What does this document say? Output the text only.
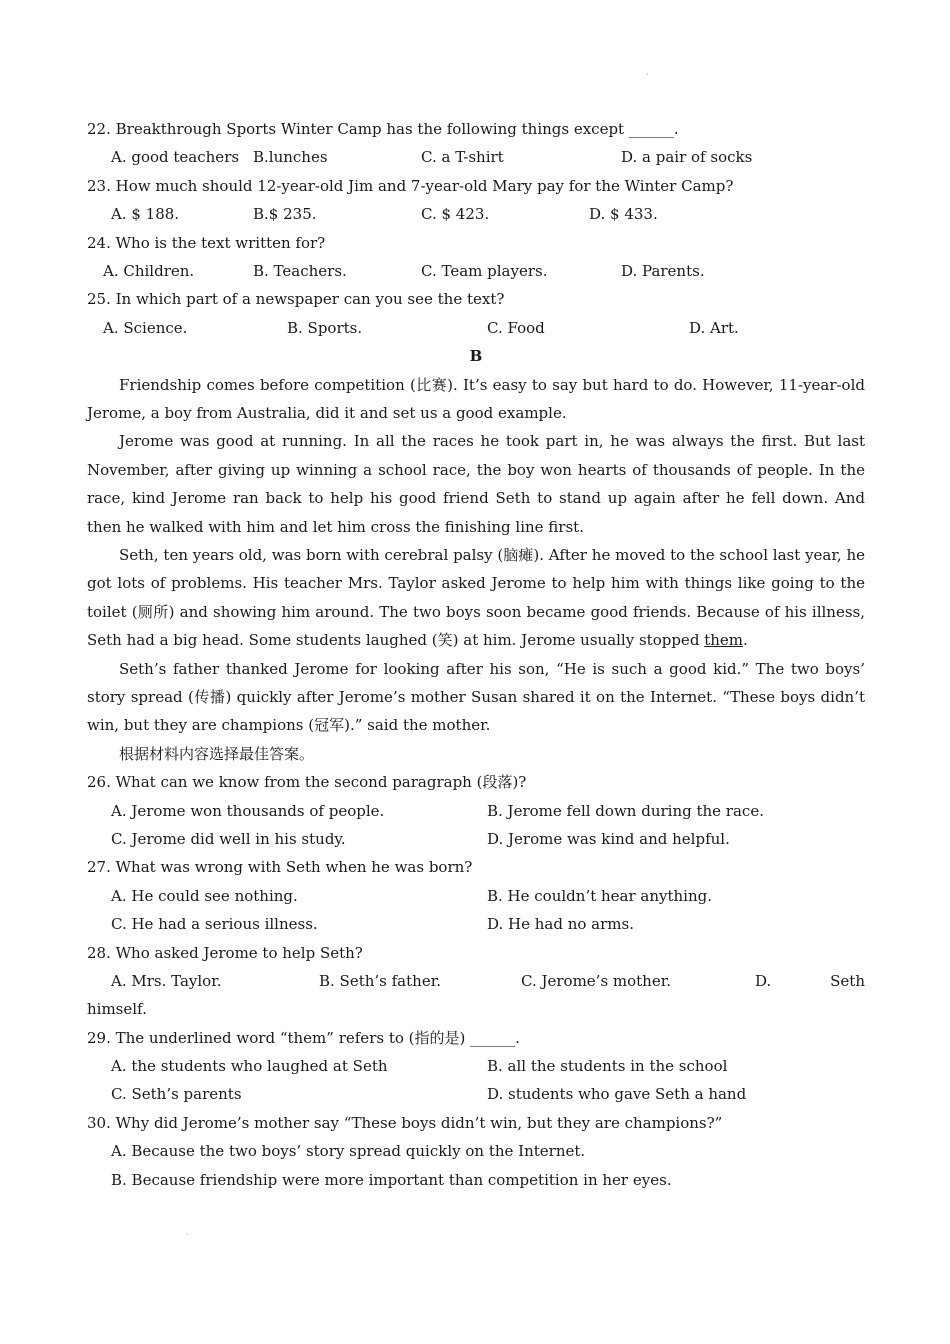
·
22. Breakthrough Sports Winter Camp has the following things except ______.
A. good teachers B.lunches	C. a T-shirt	D. a pair of socks
23. How much should 12-year-old Jim and 7-year-old Mary pay for the Winter Camp?
A. $ 188.	B.$ 235.	C. $ 423.	D. $ 433.
24. Who is the text written for?
A. Children.	B. Teachers.	C. Team players.	D. Parents.
25. In which part of a newspaper can you see the text?
A. Science.	B. Sports.	C. Food	D. Art.
B
Friendship comes before competition (比赛). It’s easy to say but hard to do. However, 11-year-old Jerome, a boy from Australia, did it and set us a good example.
Jerome was good at running. In all the races he took part in, he was always the first. But last November, after giving up winning a school race, the boy won hearts of thousands of people. In the race, kind Jerome ran back to help his good friend Seth to stand up again after he fell down. And then he walked with him and let him cross the finishing line first.
Seth, ten years old, was born with cerebral palsy (脑瘫). After he moved to the school last year, he got lots of problems. His teacher Mrs. Taylor asked Jerome to help him with things like going to the toilet (厕所) and showing him around. The two boys soon became good friends. Because of his illness, Seth had a big head. Some students laughed (笑) at him. Jerome usually stopped them.
Seth’s father thanked Jerome for looking after his son, “He is such a good kid.” The two boys’ story spread (传播) quickly after Jerome’s mother Susan shared it on the Internet. “These boys didn’t win, but they are champions (冠军).” said the mother.
根据材料内容选择最佳答案。
26. What can we know from the second paragraph (段落)?
A. Jerome won thousands of people.	B. Jerome fell down during the race.
C. Jerome did well in his study.	D. Jerome was kind and helpful.
27. What was wrong with Seth when he was born?
A. He could see nothing.	B. He couldn’t hear anything.
C. He had a serious illness.	D. He had no arms.
28. Who asked Jerome to help Seth?
A. Mrs. Taylor.	B. Seth’s father.	C. Jerome’s mother.	D.	Seth
himself.
29. The underlined word “them” refers to (指的是) ______.
A. the students who laughed at Seth	B. all the students in the school
C. Seth’s parents	D. students who gave Seth a hand
30. Why did Jerome’s mother say “These boys didn’t win, but they are champions?”
A. Because the two boys’ story spread quickly on the Internet.
B. Because friendship were more important than competition in her eyes.
·
